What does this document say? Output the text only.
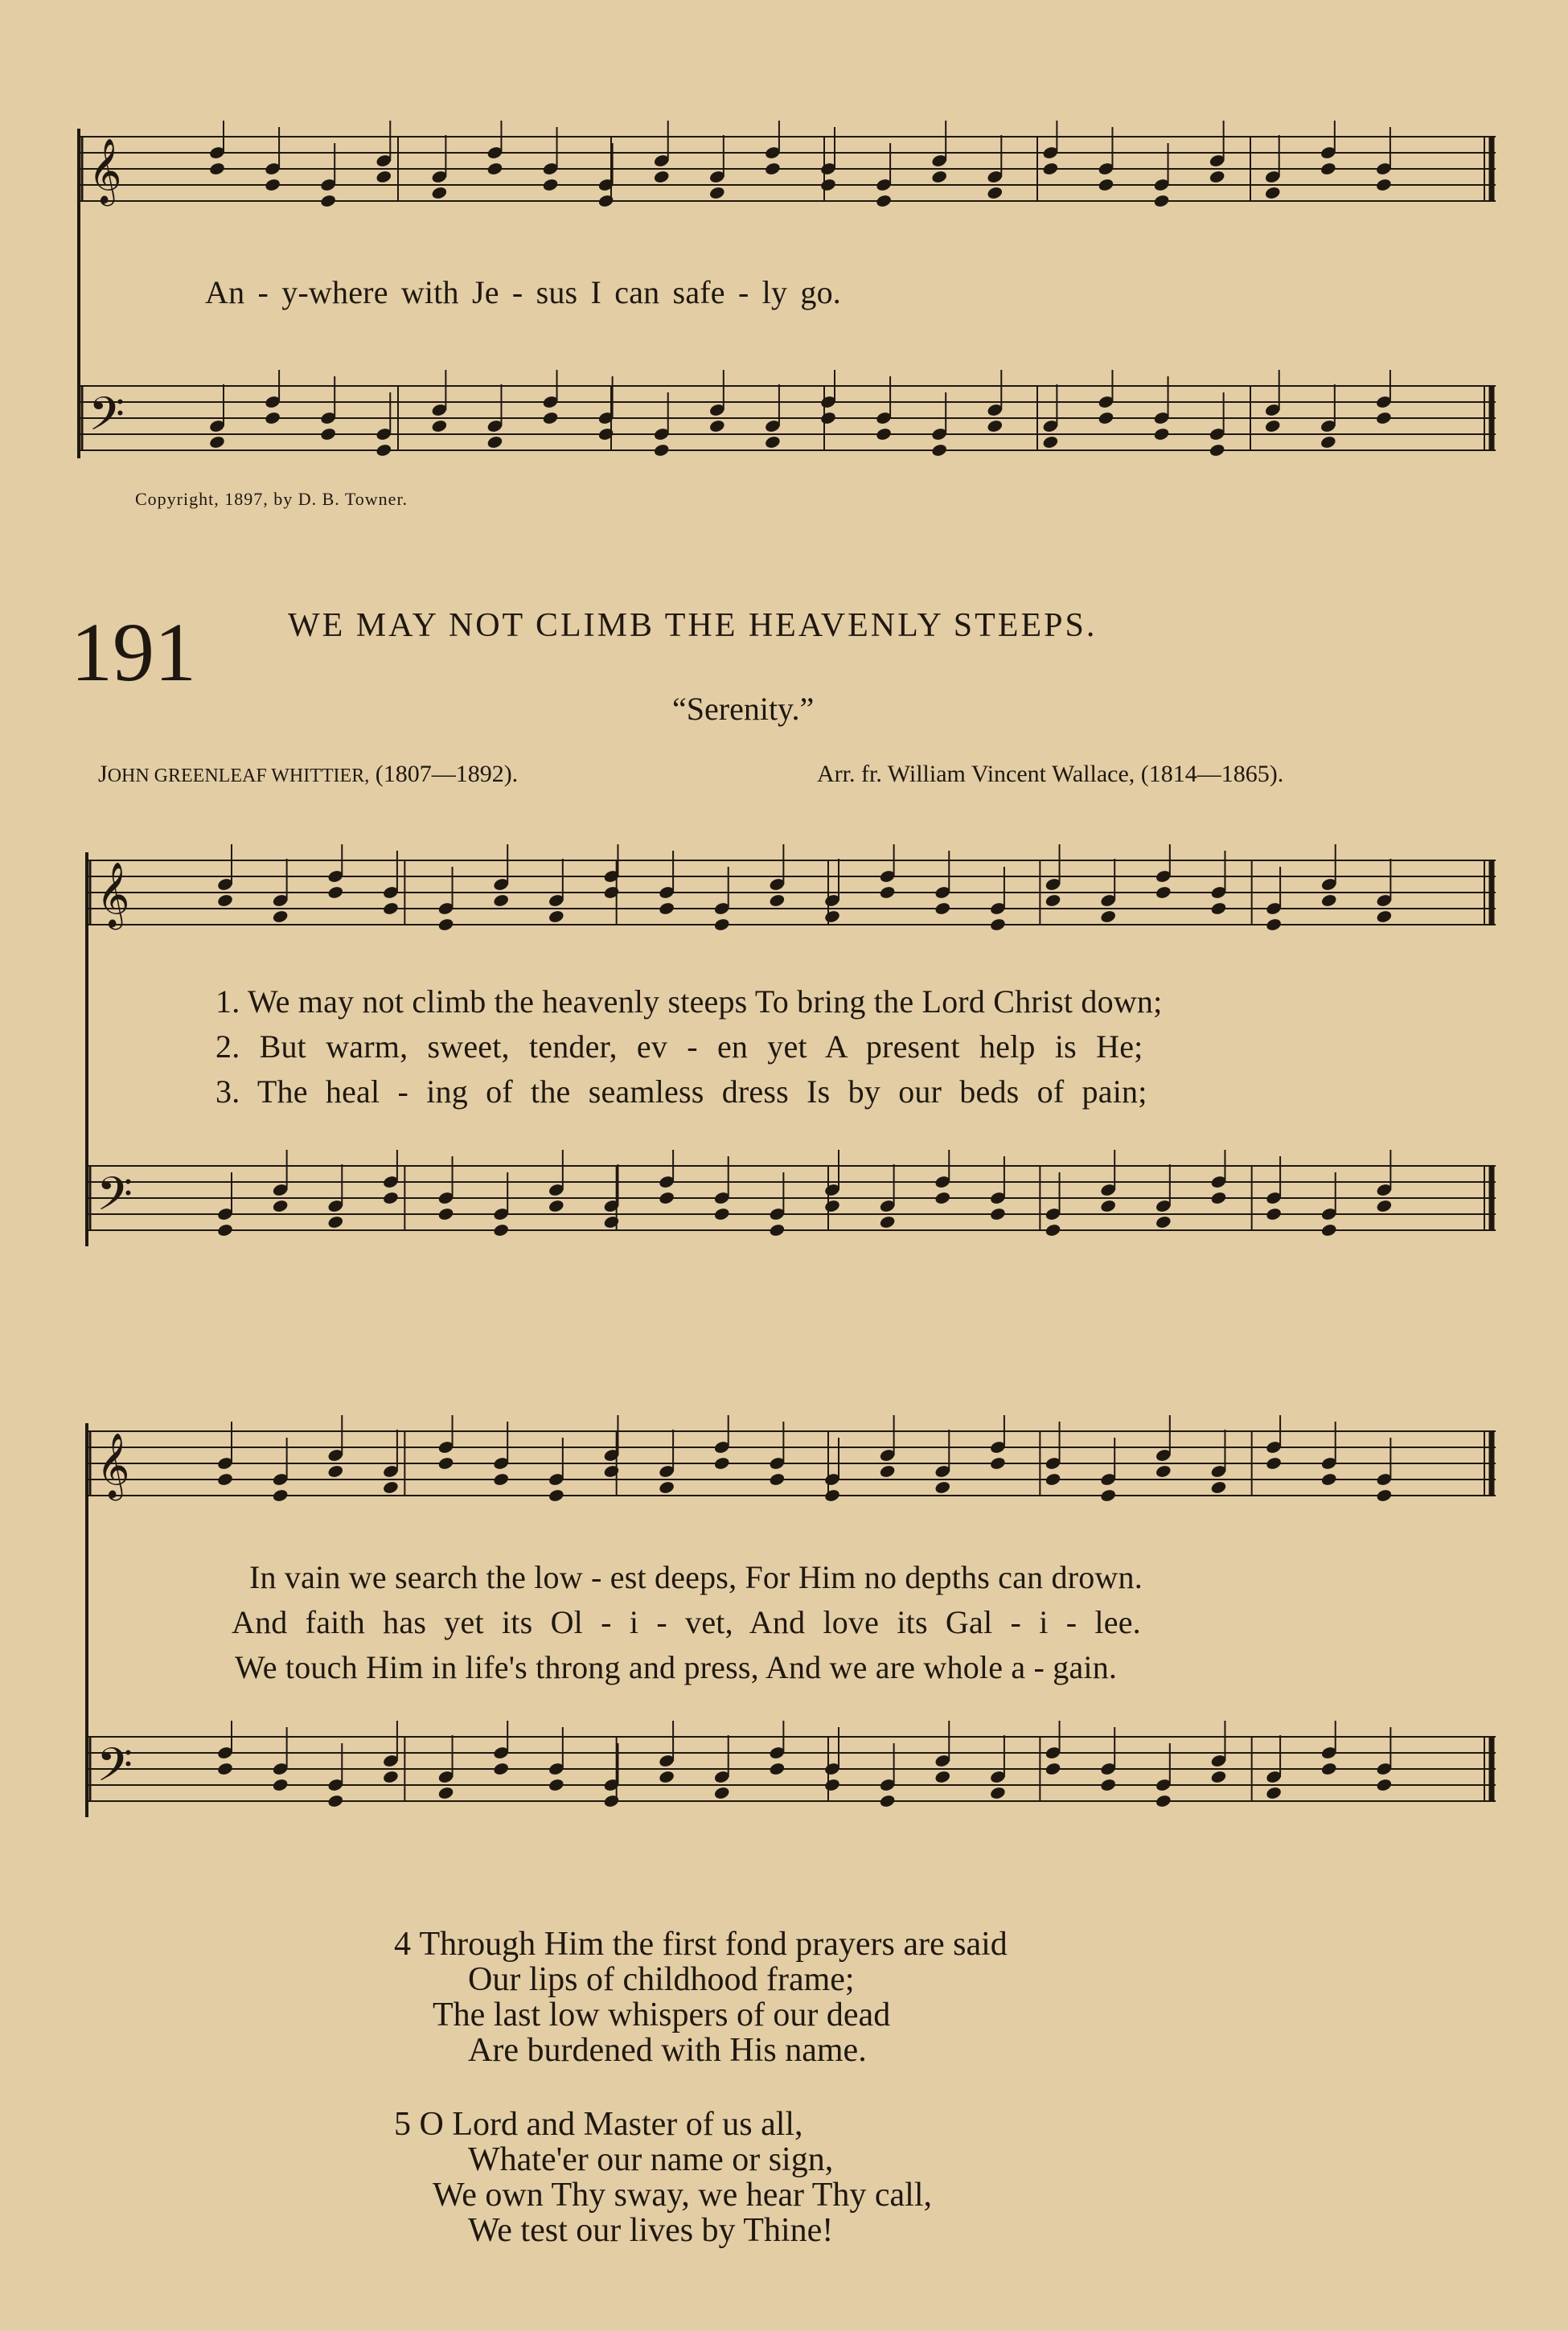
𝄞
An - y-where with Je - sus I can safe - ly go.
𝄢
Copyright, 1897, by D. B. Towner.
191	WE MAY NOT CLIMB THE HEAVENLY STEEPS.
“Serenity.”
JOHN GREENLEAF WHITTIER, (1807—1892).	Arr. fr. William Vincent Wallace, (1814—1865).
𝄞
1. We may not climb the heavenly steeps To bring the Lord Christ down;
2. But warm, sweet, tender, ev - en yet A present help is He;
3. The heal - ing of the seamless dress Is by our beds of pain;
𝄢
𝄞
In vain we search the low - est deeps, For Him no depths can drown.
And faith has yet its Ol - i - vet, And love its Gal - i - lee.
We touch Him in life's throng and press, And we are whole a - gain.
𝄢
4 Through Him the first fond prayers are said
Our lips of childhood frame;
The last low whispers of our dead
Are burdened with His name.
5 O Lord and Master of us all,
Whate'er our name or sign,
We own Thy sway, we hear Thy call,
We test our lives by Thine!
